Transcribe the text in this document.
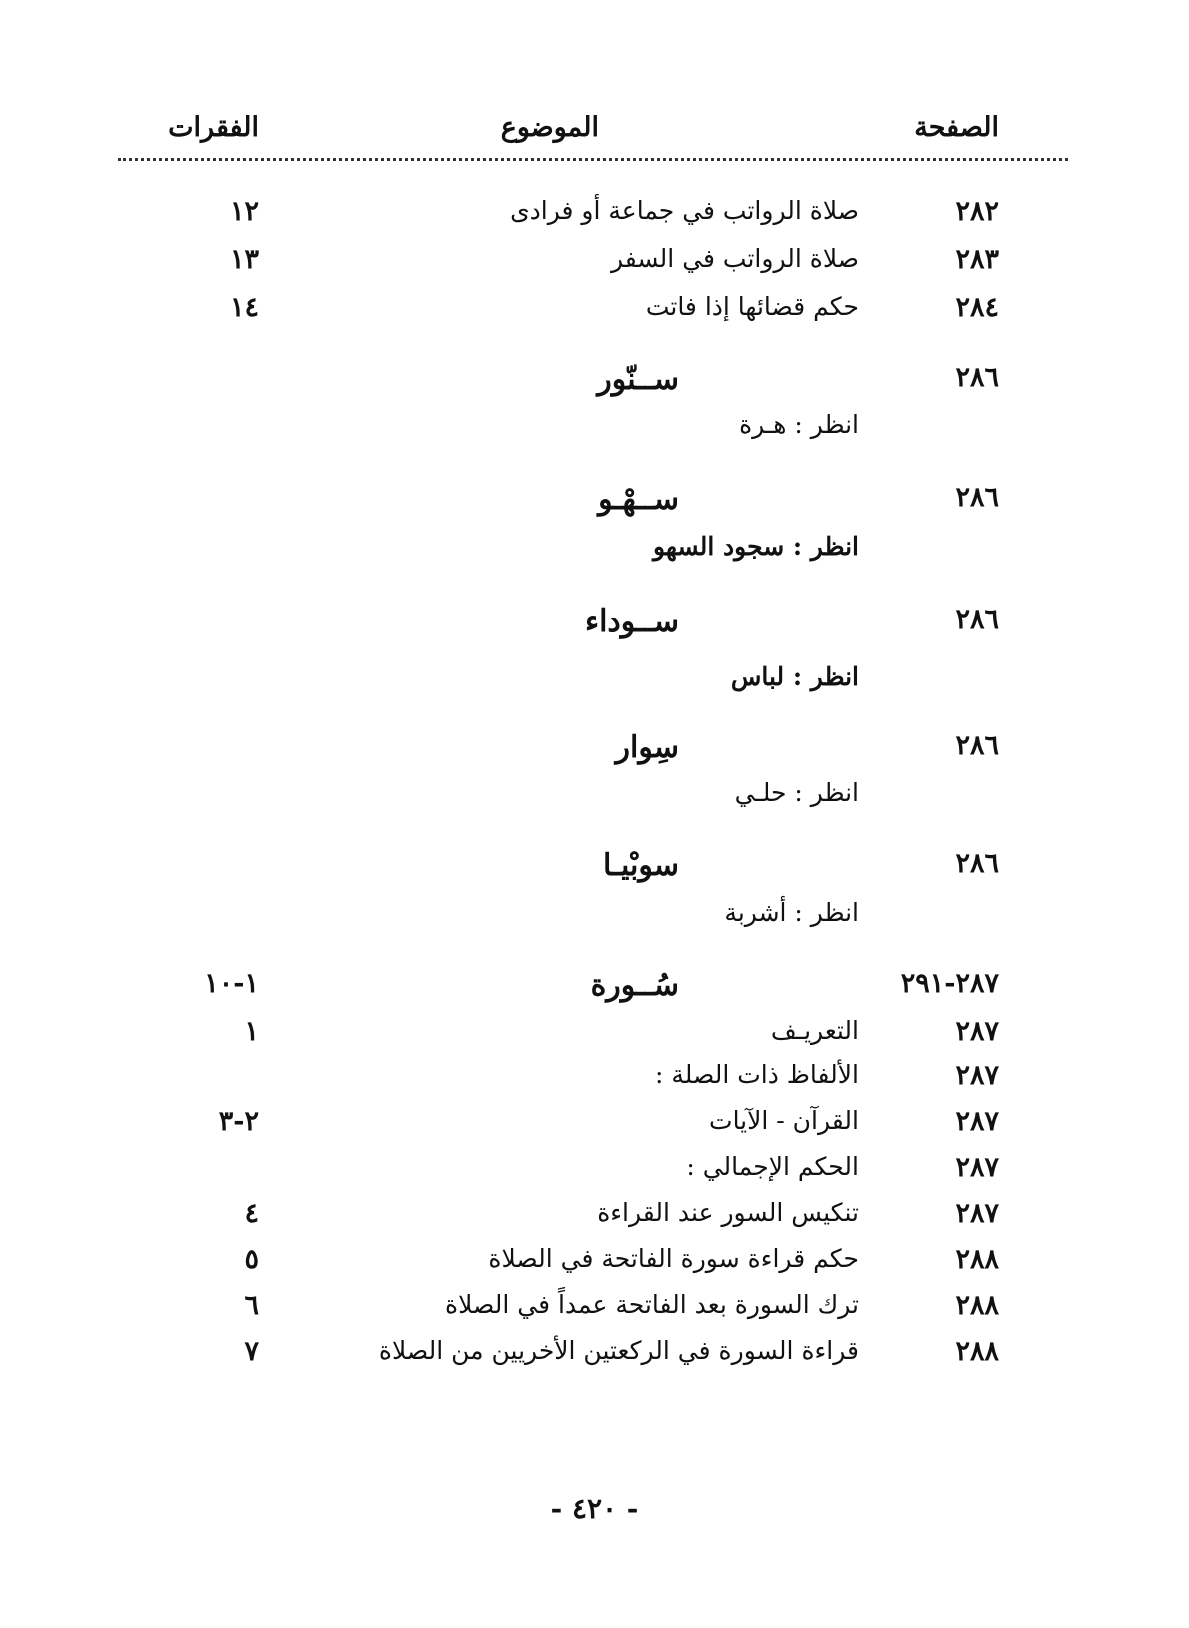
الصفحة
الموضوع
الفقرات
٢٨٢
صلاة الرواتب في جماعة أو فرادى
١٢
٢٨٣
صلاة الرواتب في السفر
١٣
٢٨٤
حكم قضائها إذا فاتت
١٤
٢٨٦
ســنّور
انظر : هـرة
٢٨٦
ســهْـو
انظر : سجود السهو
٢٨٦
ســوداء
انظر : لباس
٢٨٦
سِوار
انظر : حلـي
٢٨٦
سوبْيـا
انظر : أشربة
٢٨٧-٢٩١
سُــورة
١-١٠
٢٨٧
التعريـف
١
٢٨٧
الألفاظ ذات الصلة :
٢٨٧
القرآن - الآيات
٢-٣
٢٨٧
الحكم الإجمالي :
٢٨٧
تنكيس السور عند القراءة
٤
٢٨٨
حكم قراءة سورة الفاتحة في الصلاة
٥
٢٨٨
ترك السورة بعد الفاتحة عمداً في الصلاة
٦
٢٨٨
قراءة السورة في الركعتين الأخريين من الصلاة
٧
- ٤٢٠ -
